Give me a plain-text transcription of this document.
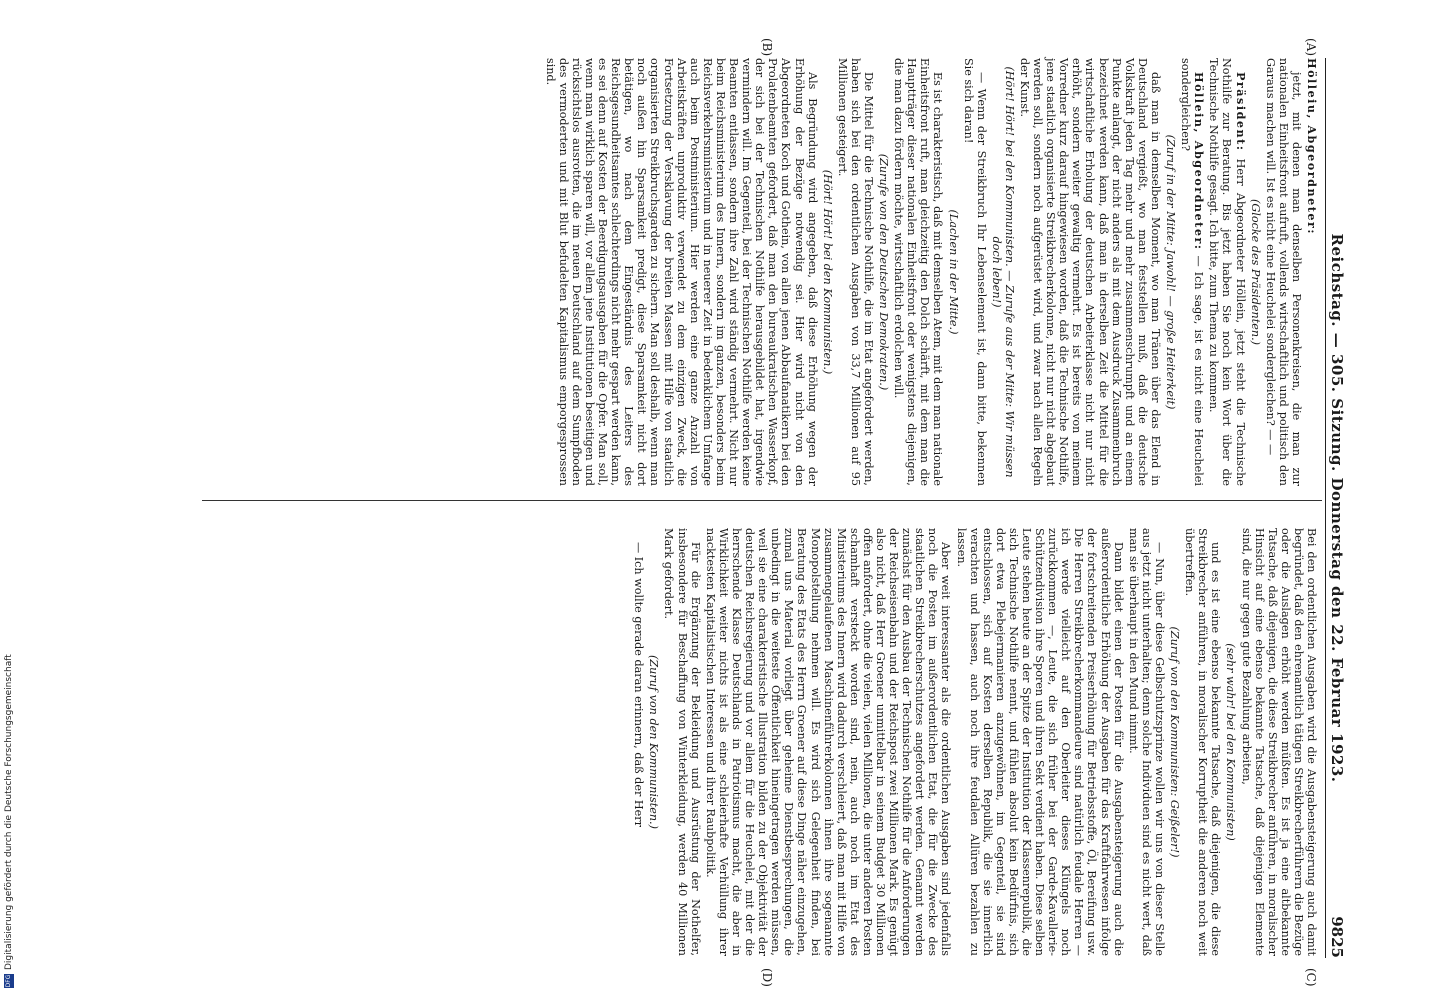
Reichstag. — 305. Sitzung. Donnerstag den 22. Februar 1923.
9825
(A)
(B)
(C)
(D)

Hölleiu, Abgeordneter:

jetzt, mit denen man denselben Personenkreisen, die man zur nationalen Einheitsfront aufruft, vollends wirtschaftlich und politisch den Garaus machen will. Ist es nicht eine Heuchelei sondergleichen? — —

(Glocke des Präsidenten.)

Präsident: Herr Abgeordneter Höllein, jetzt steht die Technische Nothilfe zur Beratung. Bis jetzt haben Sie noch kein Wort über die Technische Nothilfe gesagt. Ich bitte, zum Thema zu kommen.

Höllein, Abgeordneter: — Ich sage, ist es nicht eine Heuchelei sondergleichen?

(Zuruf in der Mitte: Jawohl! — große Heiterkeit)

daß man in demselben Moment, wo man Tränen über das Elend in Deutschland vergießt, wo man feststellen muß, daß die deutsche Volkskraft jeden Tag mehr und mehr zusammenschrumpft und an einem Punkte anlangt, der nicht anders als mit dem Ausdruck Zusammenbruch bezeichnet werden kann, daß man in derselben Zeit die Mittel für die wirtschaftliche Erholung der deutschen Arbeiterklasse nicht nur nicht erhöht, sondern weiter gewaltig vermehrt. Es ist bereits von meinem Vorredner kurz darauf hingewiesen worden, daß die Technische Nothilfe, jene staatlich organisierte Streikbrecherkolonne, nicht nur nicht abgebaut werden soll, sondern noch aufgerüstet wird, und zwar nach allen Regeln der Kunst.

(Hört! Hört! bei den Kommunisten. — Zurufe aus der Mitte: Wir müssen doch leben!)

— Wenn der Streikbruch Ihr Lebenselement ist, dann bitte, bekennen Sie sich daran!

(Lachen in der Mitte.)

Es ist charakteristisch, daß mit demselben Atem, mit dem man nationale Einheitsfront ruft, man gleichzeitig den Dolch schärft, mit dem man die Hauptträger dieser nationalen Einheitsfront oder wenigstens diejenigen, die man dazu fördern möchte, wirtschaftlich erdolchen will.

(Zurufe von den Deutschen Demokraten.)

Die Mittel für die Technische Nothilfe, die im Etat angefordert werden, haben sich bei den ordentlichen Ausgaben von 33,7 Millionen auf 95 Millionen gesteigert.

(Hört! Hört! bei den Kommunisten.)

Als Begründung wird angegeben, daß diese Erhöhung wegen der Erhöhung der Bezüge notwendig sei. Hier wird nicht von den Abgeordneten Koch und Gothein, von allen jenen Abbaufanatikern bei den Prolatenbeamten gefordert, daß man den bureaukratischen Wasserkopf, der sich bei der Technischen Nothilfe herausgebildet hat, irgendwie vermindern will. Im Gegenteil, bei der Technischen Nothilfe werden keine Beamten entlassen, sondern ihre Zahl wird ständig vermehrt. Nicht nur beim Reichsministerium des Innern, sondern im ganzen, besonders beim Reichsverkehrsministerium und in neuerer Zeit in bedenklichem Umfange auch beim Postministerium. Hier werden eine ganze Anzahl von Arbeitskräften unproduktiv verwendet zu dem einzigen Zweck, die Fortsetzung der Versklavung der breiten Massen mit Hilfe von staatlich organisierten Streikbruchsgarden zu sichern. Man soll deshalb, wenn man noch außen hin Sparsamkeit predigt, diese Sparsamkeit nicht dort betätigen, wo nach dem Eingeständnis des Leiters des Reichsgesundheitsamtes schlechterdings nicht mehr gespart werden kann, es sei denn auf Kosten der Beerdigungsausgaben für die Opfer. Man soll, wenn man wirklich sparen will, vor allem jene Institutionen beseitigen und rücksichtslos ausrotten, die im neuen Deutschland auf dem Sumpfboden des vermoderten und mit Blut befudelten Kapitalismus emporgesprossen sind.

Bei den ordentlichen Ausgaben wird die Ausgabensteigerung auch damit begründet, daß den ehrenamtlich tätigen Streikbrecherführern die Bezüge oder die Auslagen erhöht werden müßten. Es ist ja eine altbekannte Tatsache, daß diejenigen, die diese Streikbrecher anführen, in moralischer Hinsicht auf eine ebenso bekannte Tatsache, daß diejenigen Elemente sind, die nur gegen gute Bezahlung arbeiten,

(sehr wahr! bei den Kommunisten)

und es ist eine ebenso bekannte Tatsache, daß diejenigen, die diese Streikbrecher anführen, in moralischer Korruptheit die anderen noch weit übertreffen.

(Zuruf von den Kommunisten: Geißeler!)

— Nun, über diese Gelbschutzsprinze wollen wir uns von dieser Stelle aus jetzt nicht unterhalten; denn solche Individuen sind es nicht wert, daß man sie überhaupt in den Mund nimmt.

Dann bildet einen der Posten für die Ausgabensteigerung auch die außerordentliche Erhöhung der Ausgaben für das Kraftfahrwesen infolge der fortschreitenden Preiserhöhung für Betriebsstoffe, Öl, Bereifung usw. Die Herren Streikbrecherkommandeure sind natürlich feudale Herren — ich werde vielleicht auf den Oberleiter dieses Klüngels noch zurückkommen —, Leute, die sich früher bei der Garde-Kavallerie-Schützendivision ihre Sporen und ihren Sekt verdient haben. Diese selben Leute stehen heute an der Spitze der Institution der Klassenrepublik, die sich Technische Nothilfe nennt, und fühlen absolut kein Bedürfnis, sich dort etwa Plebejermanieren anzugewöhnen, im Gegenteil, sie sind entschlossen, sich auf Kosten derselben Republik, die sie innerlich verachten und hassen, auch noch ihre feudalen Allüren bezahlen zu lassen.

Aber weit interessanter als die ordentlichen Ausgaben sind jedenfalls noch die Posten im außerordentlichen Etat, die für die Zwecke des staatlichen Streikbrecherschutzes angefordert werden. Genannt werden zunächst für den Ausbau der Technischen Nothilfe für die Anforderungen der Reichseisenbahn und der Reichspost zwei Millionen Mark. Es genügt also nicht, daß Herr Groener unmittelbar in seinem Budget 30 Millionen offen anfordert, ohne die vielen, vielen Millionen, die unter anderen Posten schamhaft versteckt worden sind, nein, auch noch im Etat des Ministeriums des Innern wird dadurch verschleiert, daß man mit Hilfe von zusammengelaufenen Maschinenführerkolonnen ihnen ihre sogenannte Monopolstellung nehmen will. Es wird sich Gelegenheit finden, bei Beratung des Etats des Herrn Groener auf diese Dinge näher einzugehen, zumal uns Material vorliegt über geheime Dienstbesprechungen, die unbedingt in die weiteste Öffentlichkeit hineingetragen werden müssen, weil sie eine charakteristische Illustration bilden zu der Objektivität der deutschen Reichsregierung und vor allem für die Heuchelei, mit der die herrschende Klasse Deutschlands in Patriotismus macht, die aber in Wirklichkeit weiter nichts ist als eine schleierhafte Verhüllung ihrer nacktesten Kapitalistischen Interessen und ihrer Raubpolitik.

Für die Ergänzung der Bekleidung und Ausrüstung der Nothelfer, insbesondere für Beschaffung von Winterkleidung, werden 40 Millionen Mark gefordert.

(Zuruf von den Kommunisten.)

— Ich wollte gerade daran erinnern, daß der Herr

DFGDigitalisierung gefördert durch die Deutsche Forschungsgemeinschaft
